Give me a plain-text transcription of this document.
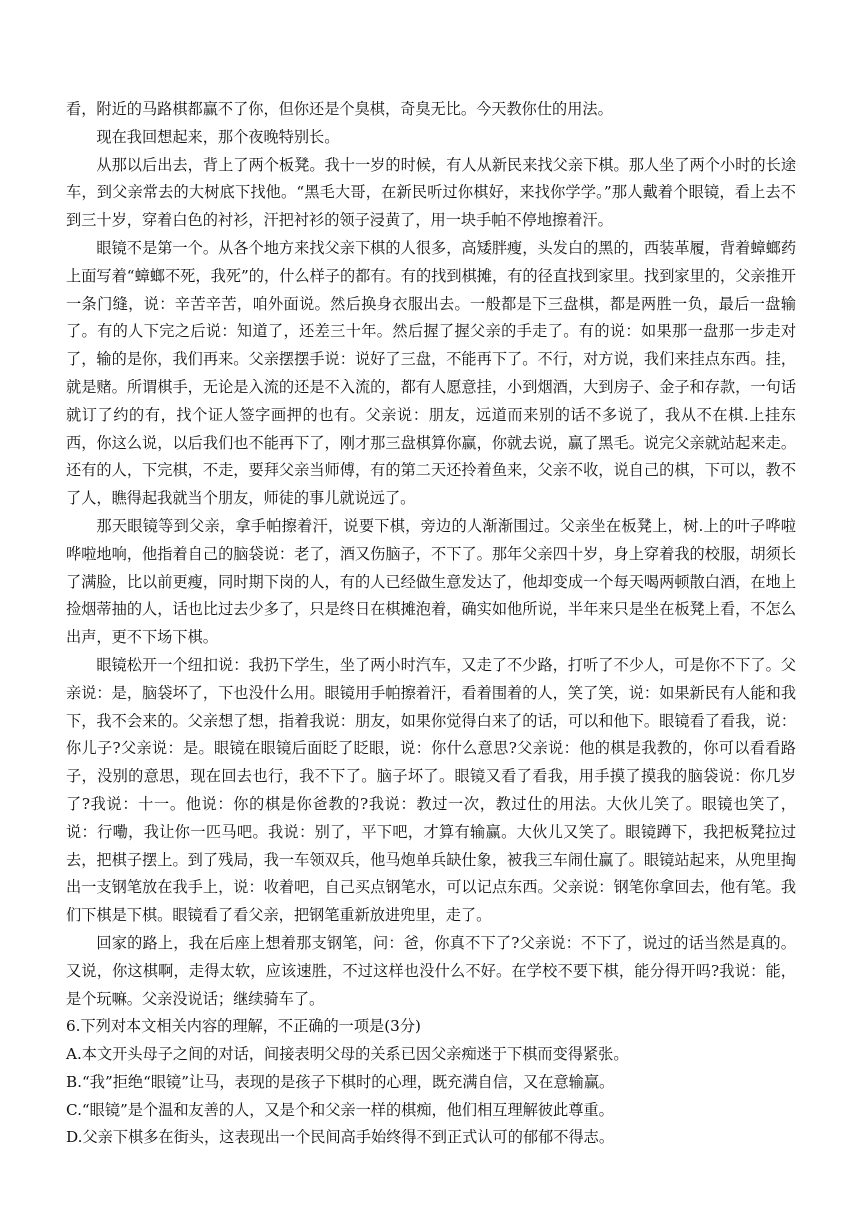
看，附近的马路棋都赢不了你，但你还是个臭棋，奇臭无比。今天教你仕的用法。

现在我回想起来，那个夜晚特别长。

从那以后出去，背上了两个板凳。我十一岁的时候，有人从新民来找父亲下棋。那人坐了两个小时的长途车，到父亲常去的大树底下找他。“黑毛大哥，在新民听过你棋好，来找你学学。”那人戴着个眼镜，看上去不到三十岁，穿着白色的衬衫，汗把衬衫的领子浸黄了，用一块手帕不停地擦着汗。

眼镜不是第一个。从各个地方来找父亲下棋的人很多，高矮胖瘦，头发白的黑的，西装革履，背着蟑螂药上面写着“蟑螂不死，我死”的，什么样子的都有。有的找到棋摊，有的径直找到家里。找到家里的，父亲推开一条门缝，说：辛苦辛苦，咱外面说。然后换身衣服出去。一般都是下三盘棋，都是两胜一负，最后一盘输了。有的人下完之后说：知道了，还差三十年。然后握了握父亲的手走了。有的说：如果那一盘那一步走对了，输的是你，我们再来。父亲摆摆手说：说好了三盘，不能再下了。不行，对方说，我们来挂点东西。挂，就是赌。所谓棋手，无论是入流的还是不入流的，都有人愿意挂，小到烟酒，大到房子、金子和存款，一句话就订了约的有，找个证人签字画押的也有。父亲说：朋友，远道而来别的话不多说了，我从不在棋.上挂东西，你这么说，以后我们也不能再下了，刚才那三盘棋算你赢，你就去说，赢了黑毛。说完父亲就站起来走。还有的人，下完棋，不走，要拜父亲当师傅，有的第二天还拎着鱼来，父亲不收，说自己的棋，下可以，教不了人，瞧得起我就当个朋友，师徒的事儿就说远了。

那天眼镜等到父亲，拿手帕擦着汗，说要下棋，旁边的人渐渐围过。父亲坐在板凳上，树.上的叶子哗啦哗啦地响，他指着自己的脑袋说：老了，酒又伤脑子，不下了。那年父亲四十岁，身上穿着我的校服，胡须长了满脸，比以前更瘦，同时期下岗的人，有的人已经做生意发达了，他却变成一个每天喝两顿散白酒，在地上捡烟蒂抽的人，话也比过去少多了，只是终日在棋摊泡着，确实如他所说，半年来只是坐在板凳上看，不怎么出声，更不下场下棋。

眼镜松开一个纽扣说：我扔下学生，坐了两小时汽车，又走了不少路，打听了不少人，可是你不下了。父亲说：是，脑袋坏了，下也没什么用。眼镜用手帕擦着汗，看着围着的人，笑了笑，说：如果新民有人能和我下，我不会来的。父亲想了想，指着我说：朋友，如果你觉得白来了的话，可以和他下。眼镜看了看我，说：你儿子?父亲说：是。眼镜在眼镜后面眨了眨眼，说：你什么意思?父亲说：他的棋是我教的，你可以看看路子，没别的意思，现在回去也行，我不下了。脑子坏了。眼镜又看了看我，用手摸了摸我的脑袋说：你几岁了?我说：十一。他说：你的棋是你爸教的?我说：教过一次，教过仕的用法。大伙儿笑了。眼镜也笑了，说：行嘞，我让你一匹马吧。我说：别了，平下吧，才算有输赢。大伙儿又笑了。眼镜蹲下，我把板凳拉过去，把棋子摆上。到了残局，我一车领双兵，他马炮单兵缺仕象，被我三车闹仕赢了。眼镜站起来，从兜里掏出一支钢笔放在我手上，说：收着吧，自己买点钢笔水，可以记点东西。父亲说：钢笔你拿回去，他有笔。我们下棋是下棋。眼镜看了看父亲，把钢笔重新放进兜里，走了。

回家的路上，我在后座上想着那支钢笔，问：爸，你真不下了?父亲说：不下了，说过的话当然是真的。又说，你这棋啊，走得太软，应该速胜，不过这样也没什么不好。在学校不要下棋，能分得开吗?我说：能，是个玩嘛。父亲没说话；继续骑车了。

6.下列对本文相关内容的理解，不正确的一项是(3分)

A.本文开头母子之间的对话，间接表明父母的关系已因父亲痴迷于下棋而变得紧张。

B.“我”拒绝“眼镜”让马，表现的是孩子下棋时的心理，既充满自信，又在意输赢。

C.“眼镜”是个温和友善的人，又是个和父亲一样的棋痴，他们相互理解彼此尊重。

D.父亲下棋多在街头，这表现出一个民间高手始终得不到正式认可的郁郁不得志。
